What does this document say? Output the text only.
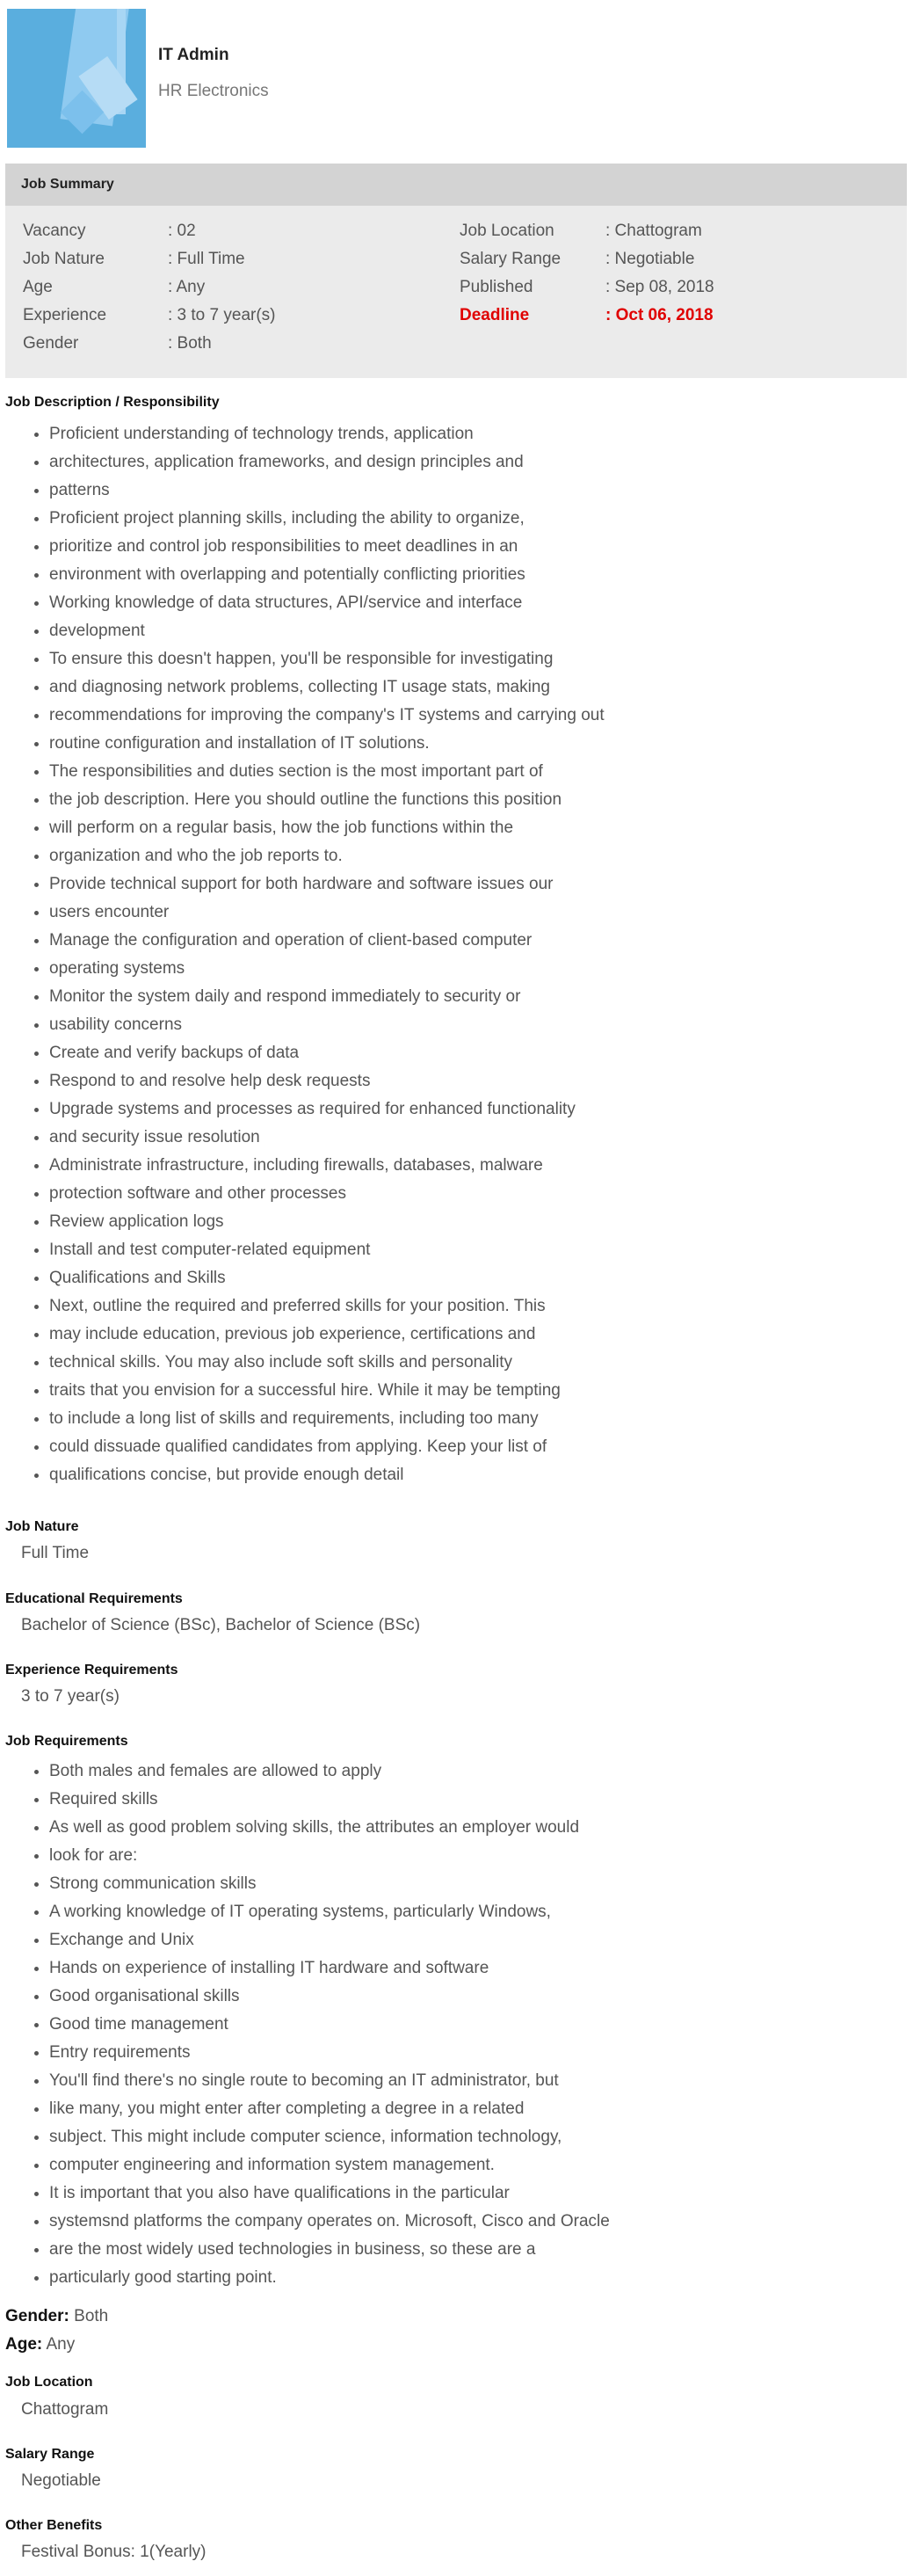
IT Admin
HR Electronics
Job Summary
Vacancy	: 02
Job Nature	: Full Time
Age	: Any
Experience	: 3 to 7 year(s)
Gender	: Both
Job Location	: Chattogram
Salary Range	: Negotiable
Published	: Sep 08, 2018
Deadline	: Oct 06, 2018
Job Description / Responsibility
• Proficient understanding of technology trends, application
• architectures, application frameworks, and design principles and
• patterns
• Proficient project planning skills, including the ability to organize,
• prioritize and control job responsibilities to meet deadlines in an
• environment with overlapping and potentially conflicting priorities
• Working knowledge of data structures, API/service and interface
• development
• To ensure this doesn't happen, you'll be responsible for investigating
• and diagnosing network problems, collecting IT usage stats, making
• recommendations for improving the company's IT systems and carrying out
• routine configuration and installation of IT solutions.
• The responsibilities and duties section is the most important part of
• the job description. Here you should outline the functions this position
• will perform on a regular basis, how the job functions within the
• organization and who the job reports to.
• Provide technical support for both hardware and software issues our
• users encounter
• Manage the configuration and operation of client-based computer
• operating systems
• Monitor the system daily and respond immediately to security or
• usability concerns
• Create and verify backups of data
• Respond to and resolve help desk requests
• Upgrade systems and processes as required for enhanced functionality
• and security issue resolution
• Administrate infrastructure, including firewalls, databases, malware
• protection software and other processes
• Review application logs
• Install and test computer-related equipment
• Qualifications and Skills
• Next, outline the required and preferred skills for your position. This
• may include education, previous job experience, certifications and
• technical skills. You may also include soft skills and personality
• traits that you envision for a successful hire. While it may be tempting
• to include a long list of skills and requirements, including too many
• could dissuade qualified candidates from applying. Keep your list of
• qualifications concise, but provide enough detail
Job Nature
Full Time
Educational Requirements
Bachelor of Science (BSc), Bachelor of Science (BSc)
Experience Requirements
3 to 7 year(s)
Job Requirements
• Both males and females are allowed to apply
• Required skills
• As well as good problem solving skills, the attributes an employer would
• look for are:
• Strong communication skills
• A working knowledge of IT operating systems, particularly Windows,
• Exchange and Unix
• Hands on experience of installing IT hardware and software
• Good organisational skills
• Good time management
• Entry requirements
• You'll find there's no single route to becoming an IT administrator, but
• like many, you might enter after completing a degree in a related
• subject. This might include computer science, information technology,
• computer engineering and information system management.
• It is important that you also have qualifications in the particular
• systemsnd platforms the company operates on. Microsoft, Cisco and Oracle
• are the most widely used technologies in business, so these are a
• particularly good starting point.
Gender: Both
Age: Any
Job Location
Chattogram
Salary Range
Negotiable
Other Benefits
Festival Bonus: 1(Yearly)
